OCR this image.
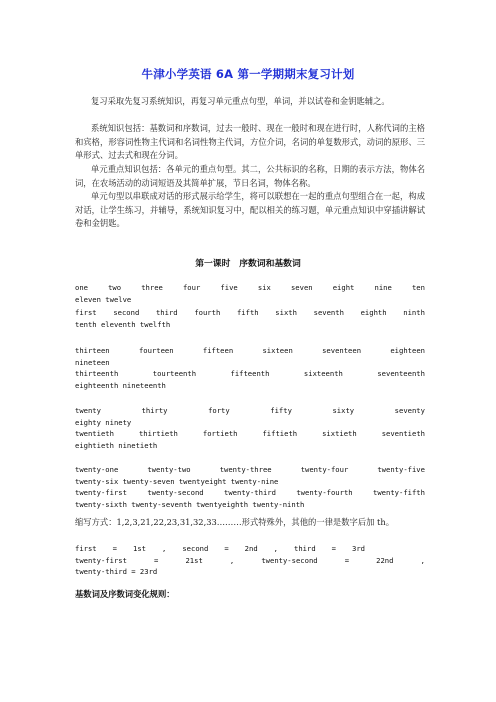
牛津小学英语 6A 第一学期期末复习计划
复习采取先复习系统知识，再复习单元重点句型，单词，并以试卷和金钥匙辅之。
系统知识包括：基数词和序数词，过去一般时、现在一般时和现在进行时，人称代词的主格和宾格，形容词性物主代词和名词性物主代词，方位介词，名词的单复数形式，动词的原形、三单形式、过去式和现在分词。
单元重点知识包括：各单元的重点句型。其二，公共标识的名称，日期的表示方法，物体名词，在农场活动的动词短语及其简单扩展，节日名词，物体名称。
单元句型以串联成对话的形式展示给学生，将可以联想在一起的重点句型组合在一起，构成对话，让学生练习，并辅导，系统知识复习中，配以相关的练习题，单元重点知识中穿插讲解试卷和金钥匙。
第一课时　序数词和基数词
one	two	three	four	five	six	seven	eight	nine	ten
eleven twelve
first second third fourth fifth sixth seventh eighth ninth
tenth eleventh twelfth
thirteen	fourteen	fifteen	sixteen	seventeen	eighteen
nineteen
thirteenth	tourteenth	fifteenth	sixteenth	seventeenth
eighteenth nineteenth
twenty	thirty	forty	fifty	sixty	seventy
eighty ninety
twentieth	thirtieth	fortieth	fiftieth	sixtieth	seventieth
eightieth ninetieth
twenty-one	twenty-two	twenty-three	twenty-four	twenty-five
twenty-six twenty-seven twentyeight twenty-nine
twenty-first	twenty-second	twenty-third	twenty-fourth	twenty-fifth
twenty-sixth twenty-seventh twentyeighth twenty-ninth
缩写方式：1,2,3,21,22,23,31,32,33………形式特殊外，其他的一律是数字后加 th。
first = 1st , second = 2nd , third = 3rd
twenty-first	=	21st	,	twenty-second	=	22nd	,
twenty-third = 23rd
基数词及序数词变化规则：
